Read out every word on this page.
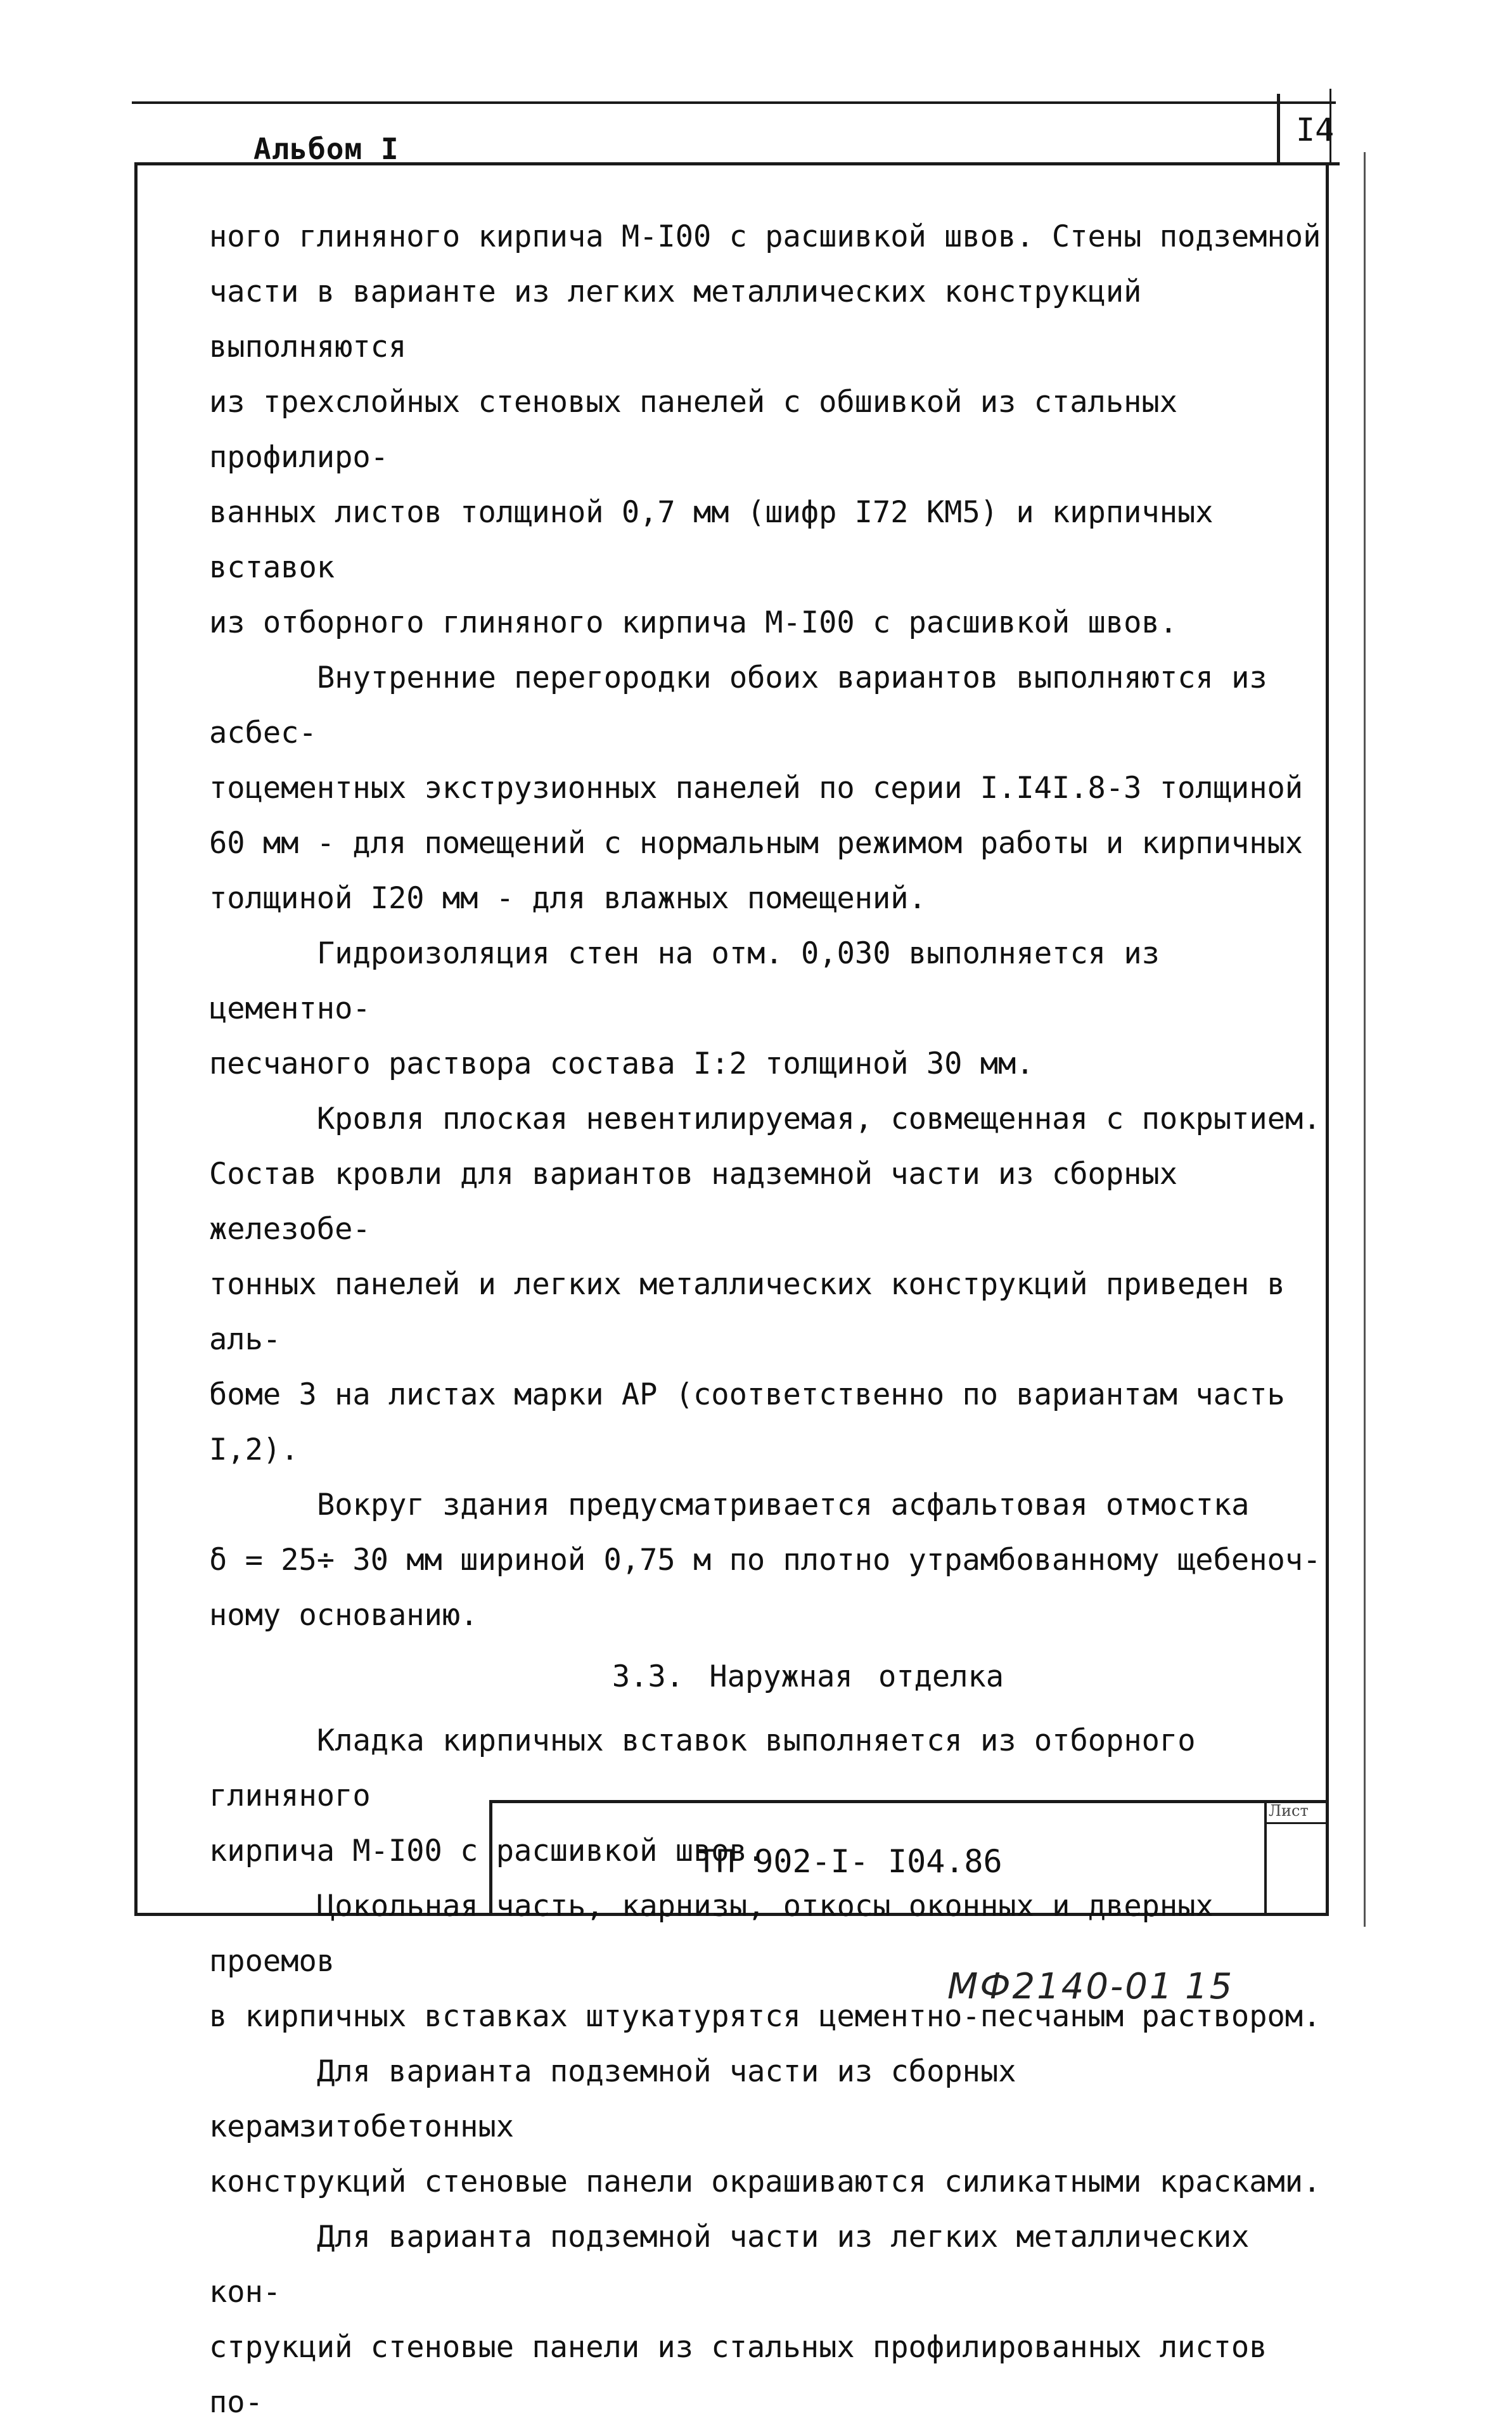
Альбом I
I4

ного глиняного кирпича М-I00 с расшивкой швов. Стены подземной
части в варианте из легких металлических конструкций выполняются
из трехслойных стеновых панелей с обшивкой из стальных профилиро-
ванных листов толщиной 0,7 мм (шифр I72 КМ5) и кирпичных вставок
из отборного глиняного кирпича М-I00 с расшивкой швов.

Внутренние перегородки обоих вариантов выполняются из асбес-
тоцементных экструзионных панелей по серии I.I4I.8-3 толщиной
60 мм - для помещений с нормальным режимом работы и кирпичных
толщиной I20 мм - для влажных помещений.

Гидроизоляция стен на отм. 0,030 выполняется из цементно-
песчаного раствора состава I:2 толщиной 30 мм.

Кровля плоская невентилируемая, совмещенная с покрытием.
Состав кровли для вариантов надземной части из сборных железобе-
тонных панелей и легких металлических конструкций приведен в аль-
боме 3 на листах марки АР (соответственно по вариантам часть I,2).

Вокруг здания предусматривается асфальтовая отмостка
δ = 25÷ 30 мм шириной 0,75 м по плотно утрамбованному щебеноч-
ному основанию.

3.3. Наружная отделка

Кладка кирпичных вставок выполняется из отборного глиняного
кирпича М-I00 с расшивкой швов.

Цокольная часть, карнизы, откосы оконных и дверных проемов
в кирпичных вставках штукатурятся цементно-песчаным раствором.

Для варианта подземной части из сборных керамзитобетонных
конструкций стеновые панели окрашиваются силикатными красками.

Для варианта подземной части из легких металлических кон-
струкций стеновые панели из стальных профилированных листов по-

Лист
ТП 902-I- I04.86
МФ2140-01 15
